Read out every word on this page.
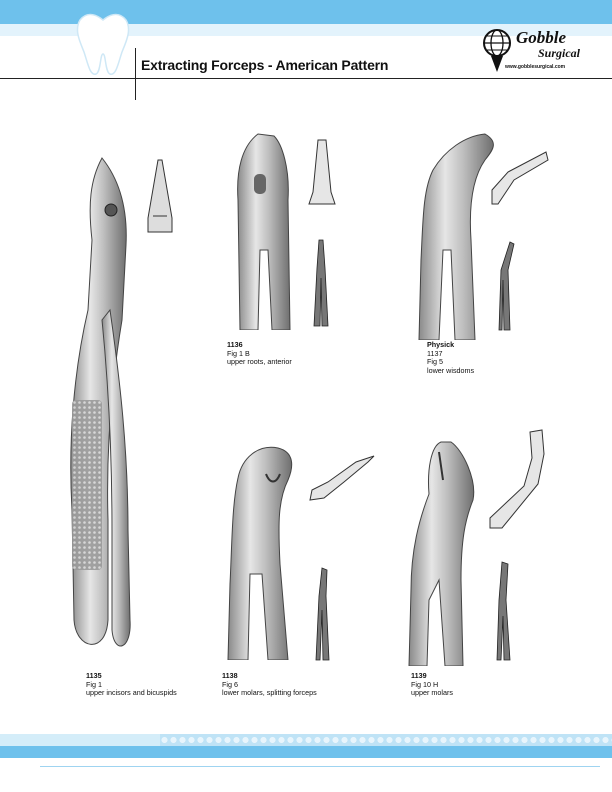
Extracting Forceps - American Pattern
Gobble
Surgical
www.gobblesurgical.com
1136
Fig 1 B
upper roots, anterior
Physick
1137
Fig 5
lower wisdoms
1138
Fig 6
lower molars, splitting forceps
1139
Fig 10 H
upper molars
1135
Fig 1
upper incisors and bicuspids
